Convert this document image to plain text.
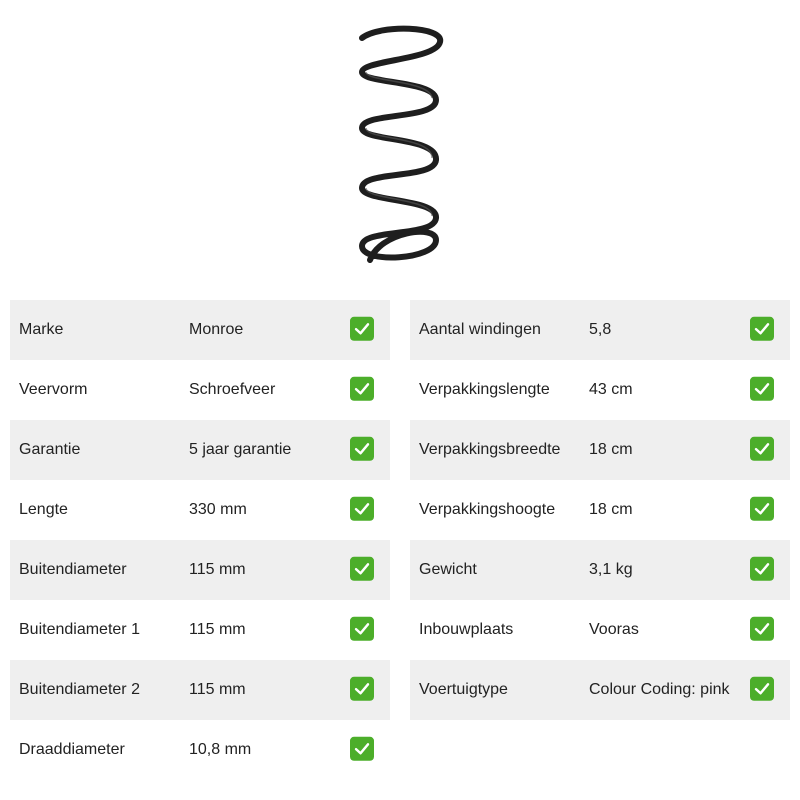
Marke	Monroe
Veervorm	Schroefveer
Garantie	5 jaar garantie
Lengte	330 mm
Buitendiameter	115 mm
Buitendiameter 1	115 mm
Buitendiameter 2	115 mm
Draaddiameter	10,8 mm
Aantal windingen	5,8
Verpakkingslengte 43 cm
Verpakkingsbreedte 18 cm
Verpakkingshoogte 18 cm
Gewicht	3,1 kg
Inbouwplaats	Vooras
Voertuigtype	Colour Coding: pink
